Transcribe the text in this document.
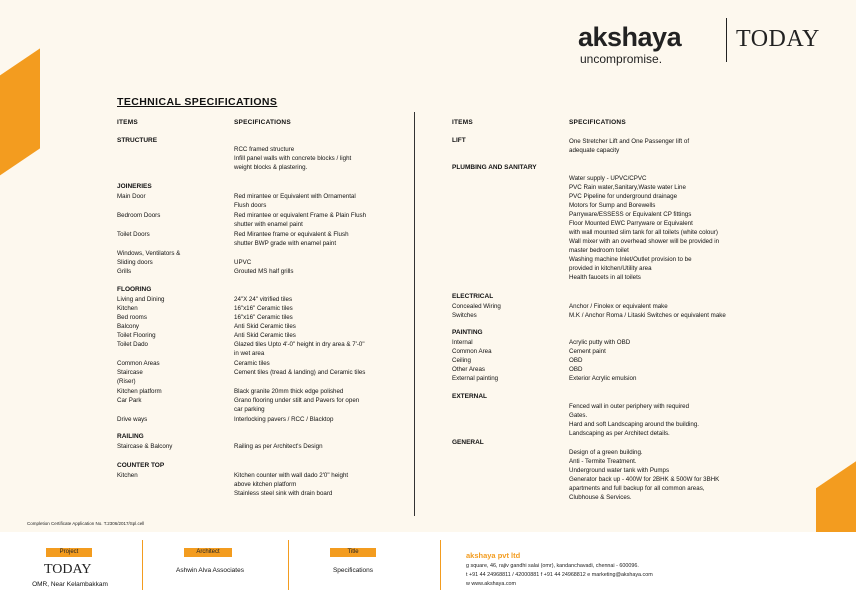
akshaya
uncompromise.
TODAY
TECHNICAL SPECIFICATIONS
ITEMS	SPECIFICATIONS
STRUCTURE
RCC framed structure
Infill panel walls with concrete blocks / light
weight blocks & plastering.
JOINERIES
Main Door	Red mirantee or Equivalent with Ornamental
Flush doors
Bedroom Doors	Red mirantee or equivalent Frame & Plain Flush
shutter with enamel paint
Toilet Doors	Red Mirantee frame or equivalent & Flush
shutter BWP grade with enamel paint
Windows, Ventilators &
Sliding doors	UPVC
Grills	Grouted MS half grills
FLOORING
Living and Dining	24"X 24" vitrified tiles
Kitchen	16"x16" Ceramic tiles
Bed rooms	16"x16" Ceramic tiles
Balcony	Anti Skid Ceramic tiles
Toilet Flooring	Anti Skid Ceramic tiles
Toilet Dado	Glazed tiles Upto 4'-0" height in dry area & 7'-0"
in wet area
Common Areas	Ceramic tiles
Staircase	Cement tiles (tread & landing) and Ceramic tiles
(Riser)
Kitchen platform	Black granite 20mm thick edge polished
Car Park	Grano flooring under stilt and Pavers for open
car parking
Drive ways	Interlocking pavers / RCC / Blacktop
RAILING
Staircase & Balcony	Railing as per Architect's Design
COUNTER TOP
Kitchen	Kitchen counter with wall dado 2'0" height
above kitchen platform
Stainless steel sink with drain board
ITEMS	SPECIFICATIONS
LIFT	One Stretcher Lift and One Passenger lift of
adequate capacity
PLUMBING AND SANITARY
Water supply - UPVC/CPVC
PVC Rain water,Sanitary,Waste water Line
PVC Pipeline for underground drainage
Motors for Sump and Borewells
Parryware/ESSESS or Equivalent CP fittings
Floor Mounted EWC Parryware or Equivalent
with wall mounted slim tank for all toilets (white colour)
Wall mixer with an overhead shower will be provided in
master bedroom toilet
Washing machine Inlet/Outlet provision to be
provided in kitchen/Utility area
Health faucets in all toilets
ELECTRICAL
Concealed Wiring	Anchor / Finolex or equivalent make
Switches	M.K / Anchor Roma / Litaski Switches or equivalent make
PAINTING
Internal	Acrylic putty with OBD
Common Area	Cement paint
Ceiling	OBD
Other Areas	OBD
External painting	Exterior Acrylic emulsion
EXTERNAL
Fenced wall in outer periphery with required
Gates.
Hard and soft Landscaping around the building.
Landscaping as per Architect details.
GENERAL
Design of a green building.
Anti - Termite Treatment.
Underground water tank with Pumps
Generator back up - 400W for 2BHK & 500W for 3BHK
apartments and full backup for all common areas,
Clubhouse & Services.
Completion Certificate Application No. T.2306/2017/Spl.cell
Project
TODAY
OMR, Near Kelambakkam
Architect
Ashwin Alva Associates
Title
Specifications
akshaya pvt ltd
g square, 46, rajiv gandhi salai (omr), kandanchavadi, chennai - 600096.
t +91 44 24968811 / 42000881 f +91 44 24968812 e marketing@akshaya.com
w www.akshaya.com
